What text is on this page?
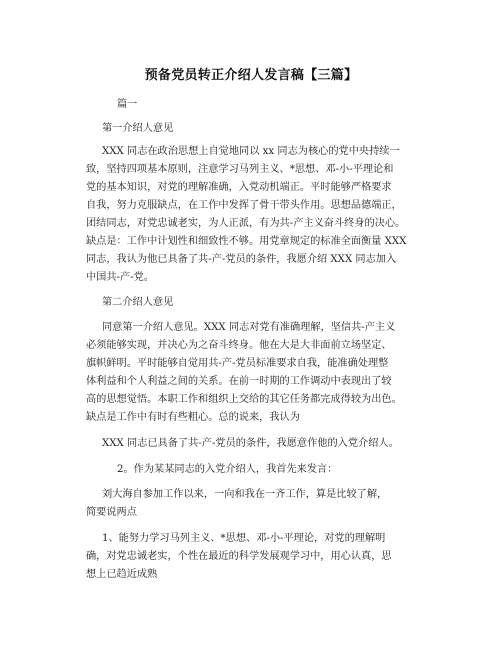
预备党员转正介绍人发言稿【三篇】
篇一
第一介绍人意见
XXX 同志在政治思想上自觉地同以 xx 同志为核心的党中央持续一
致，坚持四项基本原则，注意学习马列主义、*思想、邓-小-平理论和
党的基本知识，对党的理解准确，入党动机端正。平时能够严格要求
自我，努力克服缺点，在工作中发挥了骨干带头作用。思想品德端正，
团结同志，对党忠诚老实，为人正派，有为共-产主义奋斗终身的决心。
缺点是：工作中计划性和细致性不够。用党章规定的标准全面衡量 XXX
同志，我认为他已具备了共-产-党员的条件，我愿介绍 XXX 同志加入
中国共-产-党。
第二介绍人意见
同意第一介绍人意见。XXX 同志对党有准确理解，坚信共-产主义
必须能够实现，并决心为之奋斗终身。他在大是大非面前立场坚定、
旗帜鲜明。平时能够自觉用共-产-党员标准要求自我，能准确处理整
体利益和个人利益之间的关系。在前一时期的工作调动中表现出了较
高的思想觉悟。本职工作和组织上交给的其它任务都完成得较为出色。
缺点是工作中有时有些粗心。总的说来，我认为
XXX 同志已具备了共-产-党员的条件，我愿意作他的入党介绍人。
2。作为某某同志的入党介绍人，我首先来发言：
刘大海自参加工作以来，一向和我在一齐工作，算是比较了解，
简要说两点
1、能努力学习马列主义、*思想、邓-小-平理论，对党的理解明
确，对党忠诚老实，个性在最近的科学发展观学习中，用心认真，思
想上已趋近成熟
